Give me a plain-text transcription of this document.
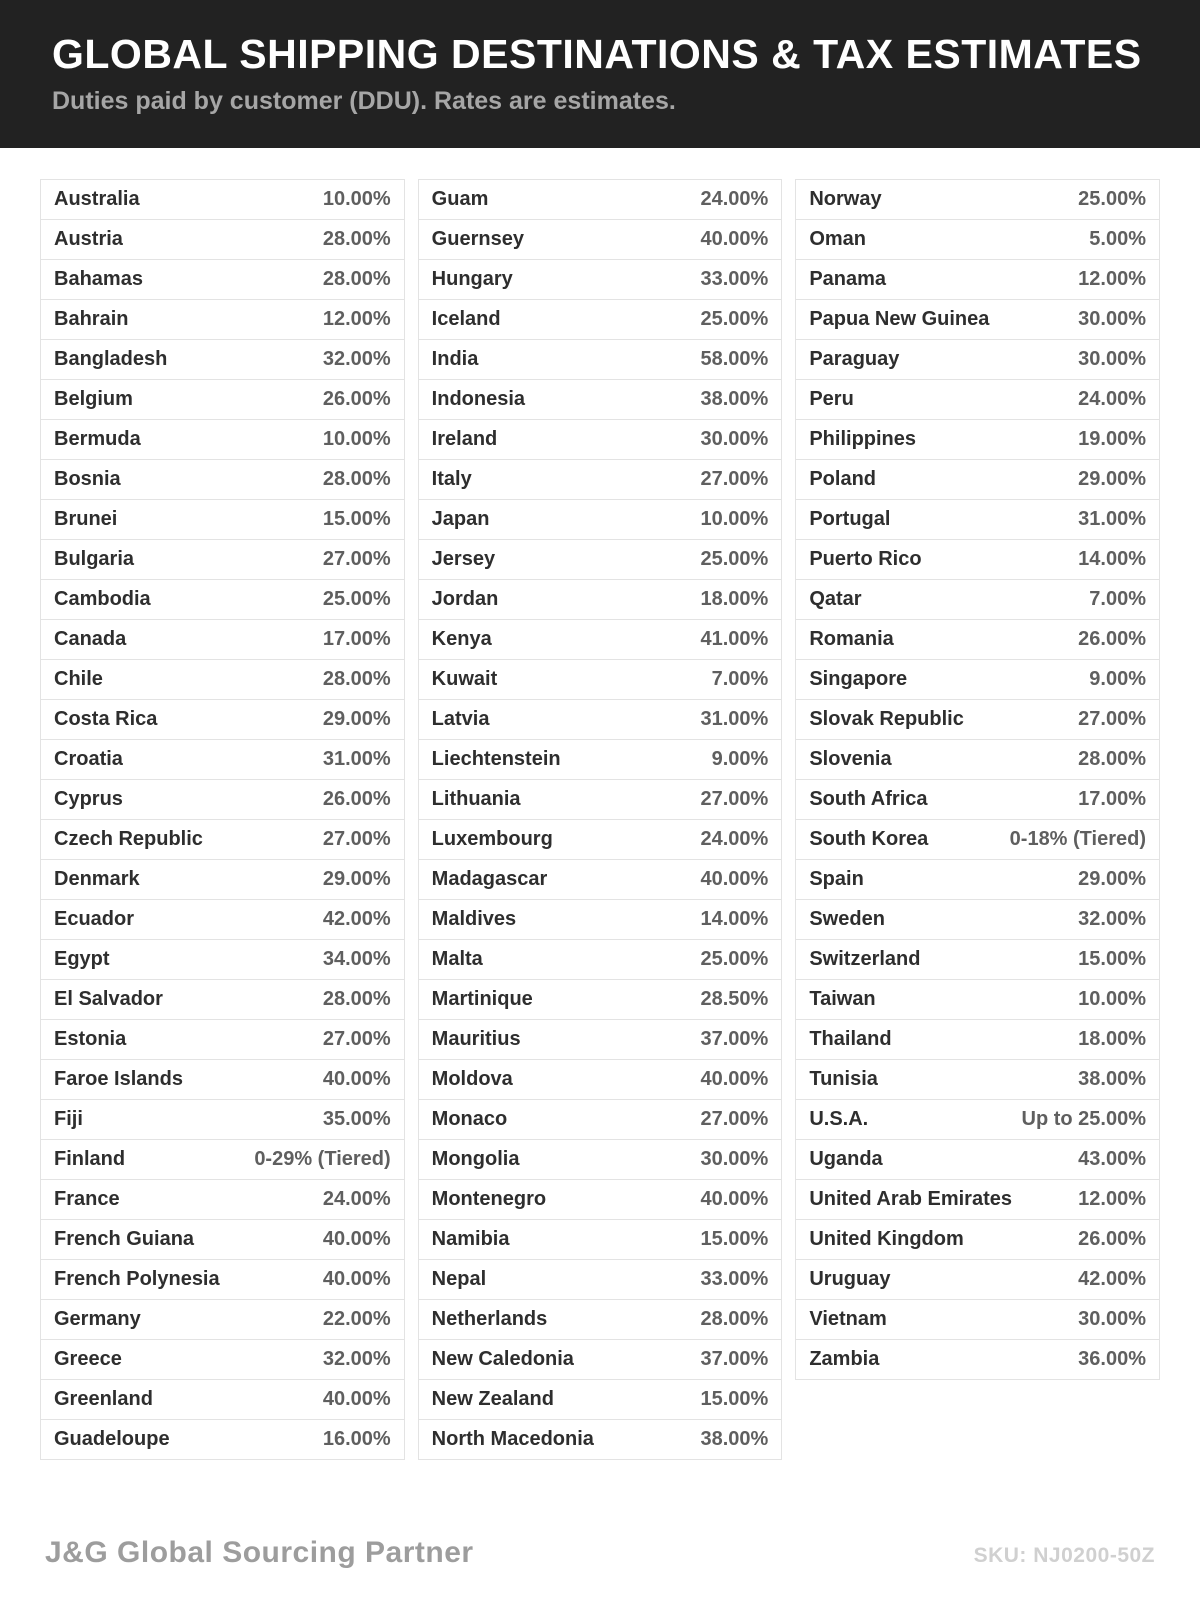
GLOBAL SHIPPING DESTINATIONS & TAX ESTIMATES
Duties paid by customer (DDU). Rates are estimates.
Australia	10.00%
Austria	28.00%
Bahamas	28.00%
Bahrain	12.00%
Bangladesh	32.00%
Belgium	26.00%
Bermuda	10.00%
Bosnia	28.00%
Brunei	15.00%
Bulgaria	27.00%
Cambodia	25.00%
Canada	17.00%
Chile	28.00%
Costa Rica	29.00%
Croatia	31.00%
Cyprus	26.00%
Czech Republic	27.00%
Denmark	29.00%
Ecuador	42.00%
Egypt	34.00%
El Salvador	28.00%
Estonia	27.00%
Faroe Islands	40.00%
Fiji	35.00%
Finland	0-29% (Tiered)
France	24.00%
French Guiana	40.00%
French Polynesia	40.00%
Germany	22.00%
Greece	32.00%
Greenland	40.00%
Guadeloupe	16.00%
Guam	24.00%
Guernsey	40.00%
Hungary	33.00%
Iceland	25.00%
India	58.00%
Indonesia	38.00%
Ireland	30.00%
Italy	27.00%
Japan	10.00%
Jersey	25.00%
Jordan	18.00%
Kenya	41.00%
Kuwait	7.00%
Latvia	31.00%
Liechtenstein	9.00%
Lithuania	27.00%
Luxembourg	24.00%
Madagascar	40.00%
Maldives	14.00%
Malta	25.00%
Martinique	28.50%
Mauritius	37.00%
Moldova	40.00%
Monaco	27.00%
Mongolia	30.00%
Montenegro	40.00%
Namibia	15.00%
Nepal	33.00%
Netherlands	28.00%
New Caledonia	37.00%
New Zealand	15.00%
North Macedonia	38.00%
Norway	25.00%
Oman	5.00%
Panama	12.00%
Papua New Guinea	30.00%
Paraguay	30.00%
Peru	24.00%
Philippines	19.00%
Poland	29.00%
Portugal	31.00%
Puerto Rico	14.00%
Qatar	7.00%
Romania	26.00%
Singapore	9.00%
Slovak Republic	27.00%
Slovenia	28.00%
South Africa	17.00%
South Korea	0-18% (Tiered)
Spain	29.00%
Sweden	32.00%
Switzerland	15.00%
Taiwan	10.00%
Thailand	18.00%
Tunisia	38.00%
U.S.A.	Up to 25.00%
Uganda	43.00%
United Arab Emirates	12.00%
United Kingdom	26.00%
Uruguay	42.00%
Vietnam	30.00%
Zambia	36.00%
J&G Global Sourcing Partner	SKU: NJ0200-50Z
